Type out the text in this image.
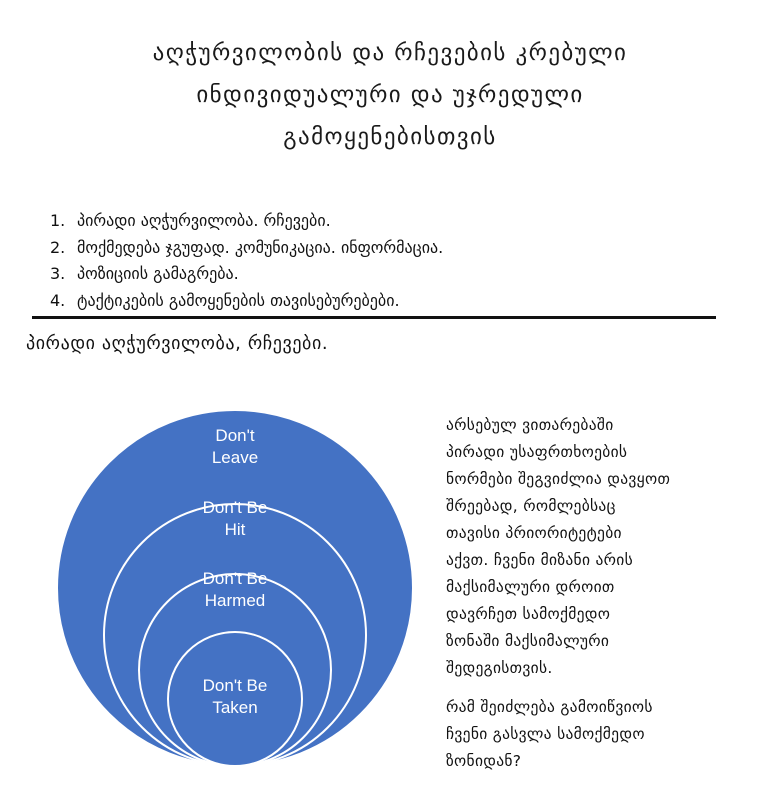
აღჭურვილობის და რჩევების კრებული
ინდივიდუალური და უჯრედული
გამოყენებისთვის
1. პირადი აღჭურვილობა. რჩევები.
2. მოქმედება ჯგუფად. კომუნიკაცია. ინფორმაცია.
3. პოზიციის გამაგრება.
4. ტაქტიკების გამოყენების თავისებურებები.
პირადი აღჭურვილობა, რჩევები.
Don't
Leave
Don't Be
Hit
Don't Be
Harmed
Don't Be
Taken

არსებულ ვითარებაში
პირადი უსაფრთხოების
ნორმები შეგვიძლია დავყოთ
შრეებად, რომლებსაც
თავისი პრიორიტეტები
აქვთ. ჩვენი მიზანი არის
მაქსიმალური დროით
დავრჩეთ სამოქმედო
ზონაში მაქსიმალური
შედეგისთვის.

რამ შეიძლება გამოიწვიოს
ჩვენი გასვლა სამოქმედო
ზონიდან?
